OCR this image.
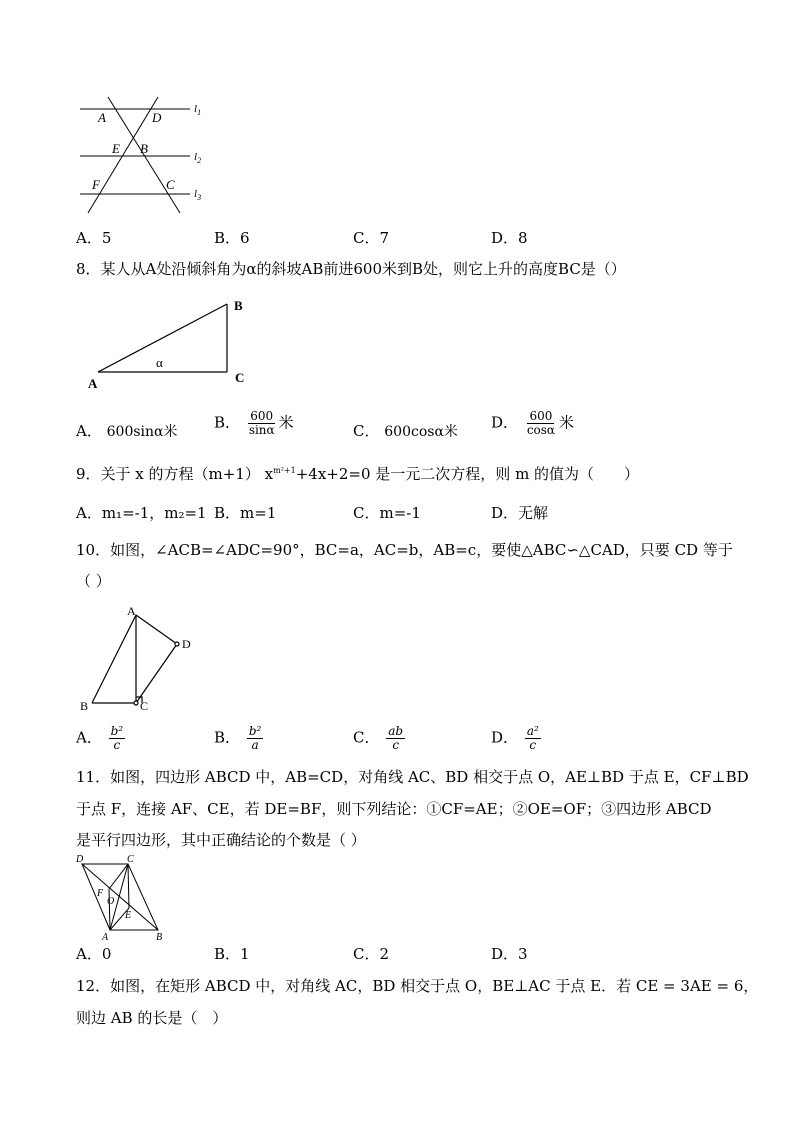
A	D
E B
F	C
$l_1$
$l_2$
$l_3$
A．5	B．6	C．7	D．8
8．某人从A处沿倾斜角为α的斜坡AB前进600米到B处，则它上升的高度BC是（）
A
B
C
α
A． 600sinα米
B． $\frac{600}{\sin\alpha}$ 米	C． 600cosα米
D． $\frac{600}{\cos\alpha}$ 米
9．关于 x 的方程（m+1） $x^{m^2+1}+4x+2=0$ 是一元二次方程，则 m 的值为（　　）
A．m₁=-1，m₂=1 B．m=1	C．m=-1	D．无解
10．如图，∠ACB=∠ADC=90°，BC=a，AC=b，AB=c，要使△ABC∽△CAD，只要 CD 等于
（ ）
A
D
B	C
A． $\frac{\text{b²}}{c}$	B． $\frac{\text{b²}}{a}$	C． $\frac{ab}{c}$	D． $\frac{\text{a²}}{c}$
11．如图，四边形 ABCD 中，AB=CD，对角线 AC、BD 相交于点 O，AE⊥BD 于点 E，CF⊥BD
于点 F，连接 AF、CE，若 DE=BF，则下列结论：①CF=AE；②OE=OF；③四边形 ABCD
是平行四边形，其中正确结论的个数是（ ）
D	C
F
O
E
A	B
A．0	B．1	C．2	D．3
12．如图，在矩形 ABCD 中，对角线 AC，BD 相交于点 O，BE⊥AC 于点 E．若 CE = 3AE = 6，
则边 AB 的长是（　）
